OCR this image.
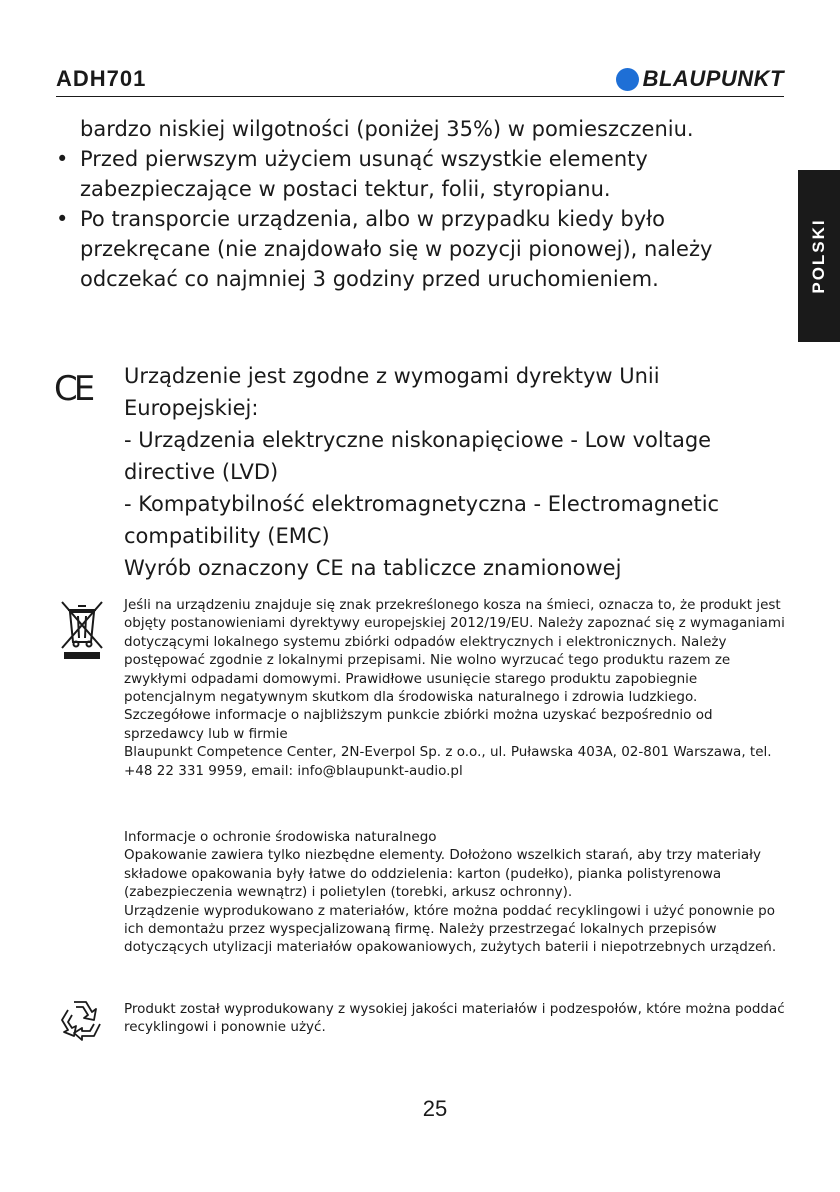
ADH701	BLAUPUNKT
POLSKI
bardzo niskiej wilgotności (poniżej 35%) w pomieszczeniu.
• Przed pierwszym użyciem usunąć wszystkie elementy zabezpieczające w postaci tektur, folii, styropianu.
• Po transporcie urządzenia, albo w przypadku kiedy było przekręcane (nie znajdowało się w pozycji pionowej), należy odczekać co najmniej 3 godziny przed uruchomieniem.
CE Urządzenie jest zgodne z wymogami dyrektyw Unii Europejskiej:
- Urządzenia elektryczne niskonapięciowe - Low voltage directive (LVD)
- Kompatybilność elektromagnetyczna - Electromagnetic compatibility (EMC)
Wyrób oznaczony CE na tabliczce znamionowej
Jeśli na urządzeniu znajduje się znak przekreślonego kosza na śmieci, oznacza to, że produkt jest objęty postanowieniami dyrektywy europejskiej 2012/19/EU. Należy zapoznać się z wymaganiami dotyczącymi lokalnego systemu zbiórki odpadów elektrycznych i elektronicznych. Należy postępować zgodnie z lokalnymi przepisami. Nie wolno wyrzucać tego produktu razem ze zwykłymi odpadami domowymi. Prawidłowe usunięcie starego produktu zapobiegnie potencjalnym negatywnym skutkom dla środowiska naturalnego i zdrowia ludzkiego.
Szczegółowe informacje o najbliższym punkcie zbiórki można uzyskać bezpośrednio od sprzedawcy lub w firmie
Blaupunkt Competence Center, 2N-Everpol Sp. z o.o., ul. Puławska 403A, 02-801 Warszawa, tel. +48 22 331 9959, email: info@blaupunkt-audio.pl
Informacje o ochronie środowiska naturalnego
Opakowanie zawiera tylko niezbędne elementy. Dołożono wszelkich starań, aby trzy materiały składowe opakowania były łatwe do oddzielenia: karton (pudełko), pianka polistyrenowa (zabezpieczenia wewnątrz) i polietylen (torebki, arkusz ochronny).
Urządzenie wyprodukowano z materiałów, które można poddać recyklingowi i użyć ponownie po ich demontażu przez wyspecjalizowaną firmę. Należy przestrzegać lokalnych przepisów dotyczących utylizacji materiałów opakowaniowych, zużytych baterii i niepotrzebnych urządzeń.
Produkt został wyprodukowany z wysokiej jakości materiałów i podzespołów, które można poddać recyklingowi i ponownie użyć.
25
